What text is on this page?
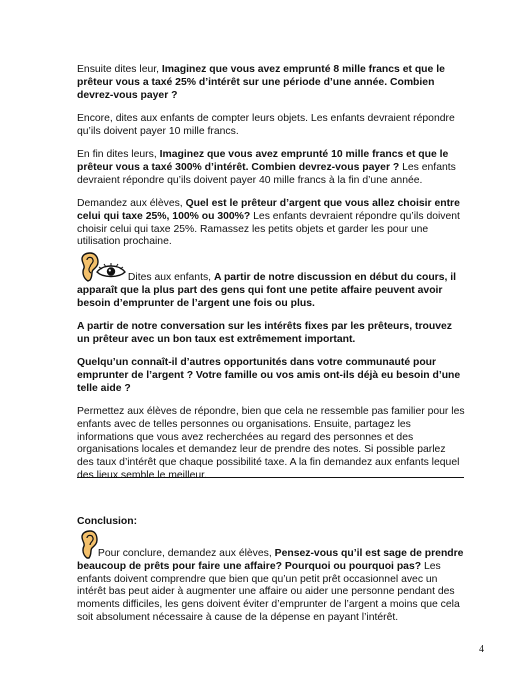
Ensuite dites leur, Imaginez que vous avez emprunté 8 mille francs et que le prêteur vous a taxé 25% d’intérêt sur une période d’une année. Combien devrez-vous payer ?

Encore, dites aux enfants de compter leurs objets. Les enfants devraient répondre qu’ils doivent payer 10 mille francs.

En fin dites leurs, Imaginez que vous avez emprunté 10 mille francs et que le prêteur vous a taxé 300% d’intérêt. Combien devrez-vous payer ? Les enfants devraient répondre qu’ils doivent payer 40 mille francs à la fin d’une année.

Demandez aux élèves, Quel est le prêteur d’argent que vous allez choisir entre celui qui taxe 25%, 100% ou 300%? Les enfants devraient répondre qu’ils doivent choisir celui qui taxe 25%. Ramassez les petits objets et garder les pour une utilisation prochaine.

Dites aux enfants, A partir de notre discussion en début du cours, il apparaît que la plus part des gens qui font une petite affaire peuvent avoir besoin d’emprunter de l’argent une fois ou plus.

A partir de notre conversation sur les intérêts fixes par les prêteurs, trouvez un prêteur avec un bon taux est extrêmement important.

Quelqu’un connaît-il d’autres opportunités dans votre communauté pour emprunter de l’argent ? Votre famille ou vos amis ont-ils déjà eu besoin d’une telle aide ?

Permettez aux élèves de répondre, bien que cela ne ressemble pas familier pour les enfants avec de telles personnes ou organisations. Ensuite, partagez les informations que vous avez recherchées au regard des personnes et des organisations locales et demandez leur de prendre des notes. Si possible parlez des taux d’intérêt que chaque possibilité taxe. A la fin demandez aux enfants lequel des lieux semble le meilleur.

Conclusion:

Pour conclure, demandez aux élèves, Pensez-vous qu’il est sage de prendre beaucoup de prêts pour faire une affaire? Pourquoi ou pourquoi pas? Les enfants doivent comprendre que bien que qu’un petit prêt occasionnel avec un intérêt bas peut aider à augmenter une affaire ou aider une personne pendant des moments difficiles, les gens doivent éviter d’emprunter de l’argent a moins que cela soit absolument nécessaire à cause de la dépense en payant l’intérêt.

4
